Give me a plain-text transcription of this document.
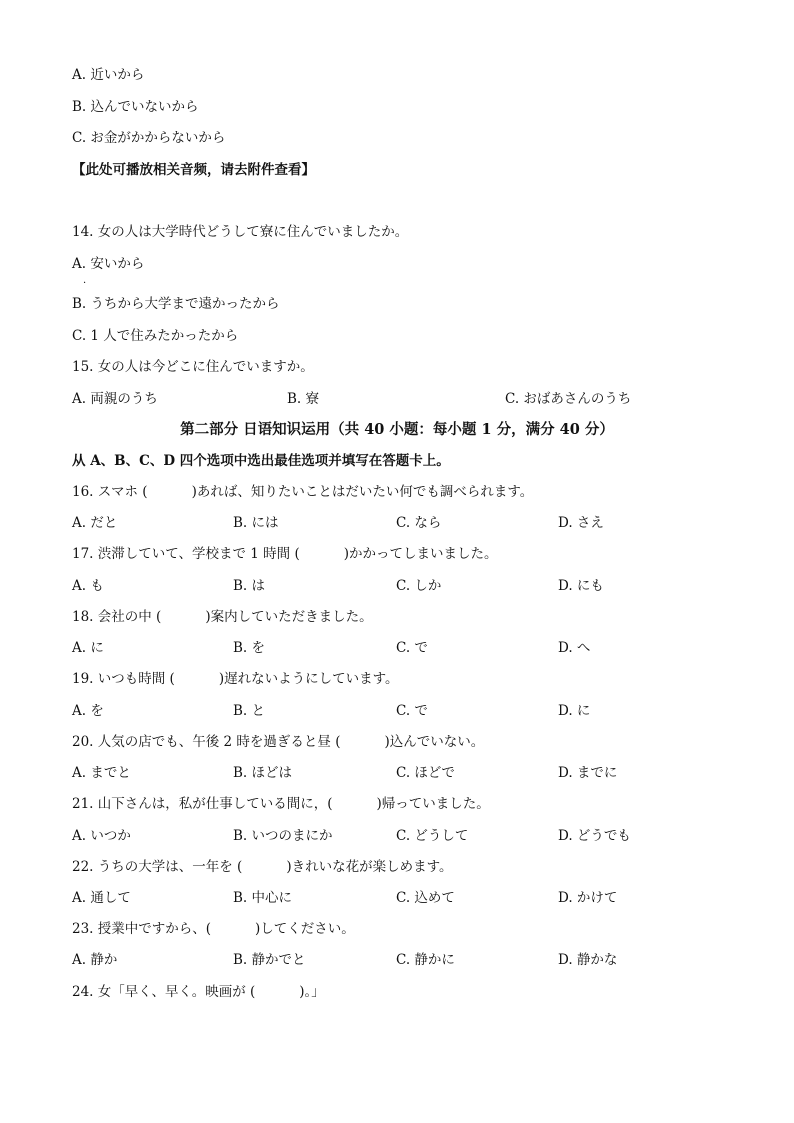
A. 近いから
B. 込んでいないから
C. お金がかからないから
【此处可播放相关音频，请去附件查看】
14. 女の人は大学時代どうして寮に住んでいましたか。
A. 安いから
·
B. うちから大学まで遠かったから
C. 1 人で住みたかったから
15. 女の人は今どこに住んでいますか。
A. 両親のうち	B. 寮	C. おばあさんのうち
第二部分 日语知识运用（共 40 小题：每小题 1 分，满分 40 分）
从 A、B、C、D 四个选项中选出最佳选项并填写在答题卡上。
16. スマホ (	)あれば、知りたいことはだいたい何でも調べられます。
A. だと	B. には	C. なら	D. さえ
17. 渋滞していて、学校まで 1 時間 (	)かかってしまいました。
A. も	B. は	C. しか	D. にも
18. 会社の中 (	)案内していただきました。
A. に	B. を	C. で	D. へ
19. いつも時間 (	)遅れないようにしています。
A. を	B. と	C. で	D. に
20. 人気の店でも、午後 2 時を過ぎると昼 (	)込んでいない。
A. までと	B. ほどは	C. ほどで	D. までに
21. 山下さんは，私が仕事している間に，(	)帰っていました。
A. いつか	B. いつのまにか	C. どうして	D. どうでも
22. うちの大学は、一年を (	)きれいな花が楽しめます。
A. 通して	B. 中心に	C. 込めて	D. かけて
23. 授業中ですから、(	)してください。
A. 静か	B. 静かでと	C. 静かに	D. 静かな
24. 女「早く、早く。映画が (	)。」
